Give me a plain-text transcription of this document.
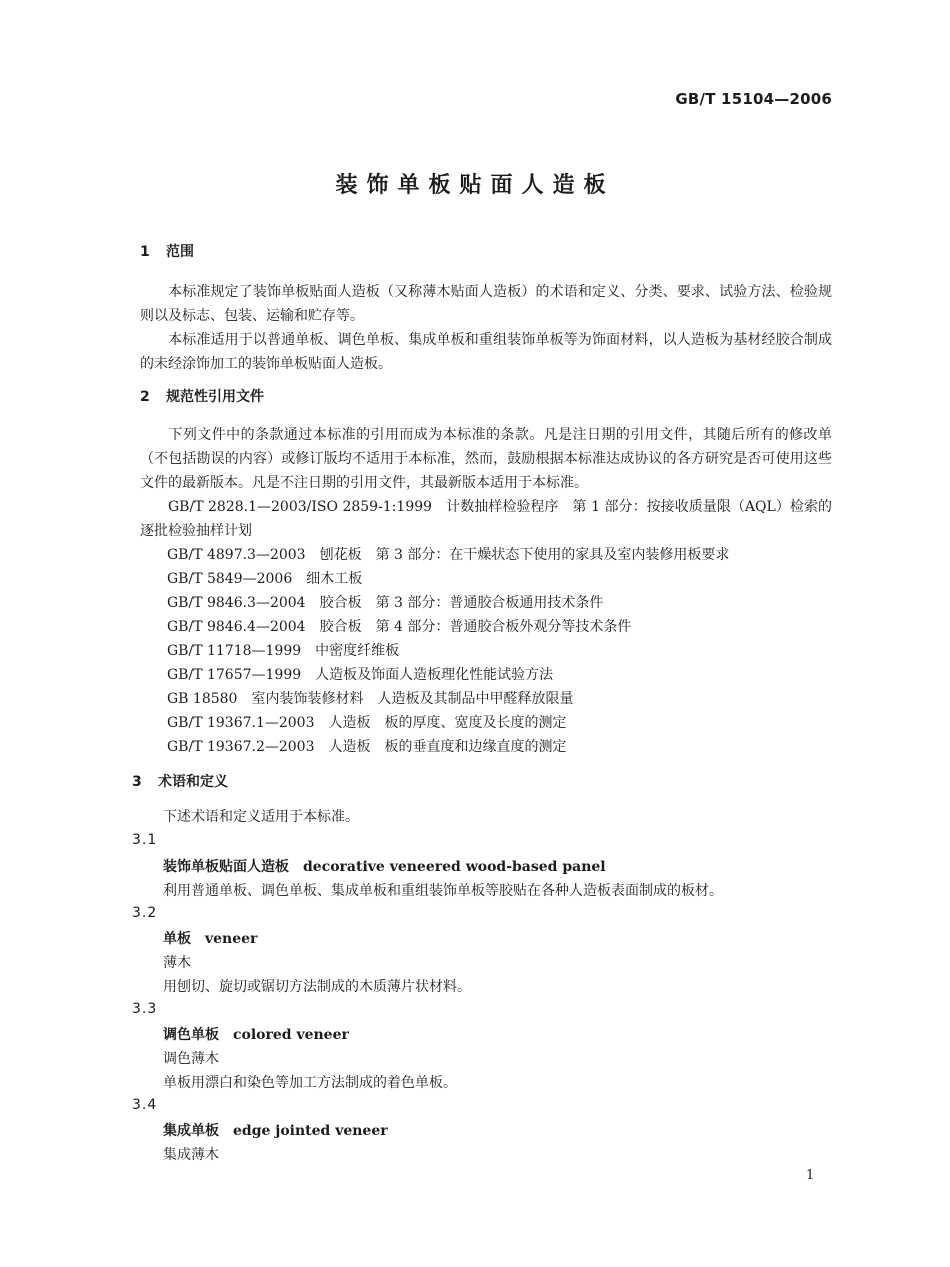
GB/T 15104—2006
装饰单板贴面人造板
1 范围
本标准规定了装饰单板贴面人造板（又称薄木贴面人造板）的术语和定义、分类、要求、试验方法、检验规则以及标志、包装、运输和贮存等。
本标准适用于以普通单板、调色单板、集成单板和重组装饰单板等为饰面材料，以人造板为基材经胶合制成的未经涂饰加工的装饰单板贴面人造板。
2 规范性引用文件
下列文件中的条款通过本标准的引用而成为本标准的条款。凡是注日期的引用文件，其随后所有的修改单（不包括勘误的内容）或修订版均不适用于本标准，然而，鼓励根据本标准达成协议的各方研究是否可使用这些文件的最新版本。凡是不注日期的引用文件，其最新版本适用于本标准。
GB/T 2828.1—2003/ISO 2859-1:1999　 计数抽样检验程序　第 1 部分：按接收质量限（AQL）检索的逐批检验抽样计划
GB/T 4897.3—2003 刨花板　第 3 部分：在干燥状态下使用的家具及室内装修用板要求
GB/T 5849—2006 细木工板
GB/T 9846.3—2004 胶合板　第 3 部分：普通胶合板通用技术条件
GB/T 9846.4—2004 胶合板　第 4 部分：普通胶合板外观分等技术条件
GB/T 11718—1999 中密度纤维板
GB/T 17657—1999 人造板及饰面人造板理化性能试验方法
GB 18580 室内装饰装修材料　人造板及其制品中甲醛释放限量
GB/T 19367.1—2003 人造板　板的厚度、宽度及长度的测定
GB/T 19367.2—2003 人造板　板的垂直度和边缘直度的测定
3 术语和定义
下述术语和定义适用于本标准。
3.1
装饰单板贴面人造板 decorative veneered wood-based panel
利用普通单板、调色单板、集成单板和重组装饰单板等胶贴在各种人造板表面制成的板材。
3.2
单板 veneer
薄木
用刨切、旋切或锯切方法制成的木质薄片状材料。
3.3
调色单板 colored veneer
调色薄木
单板用漂白和染色等加工方法制成的着色单板。
3.4
集成单板 edge jointed veneer
集成薄木
1
